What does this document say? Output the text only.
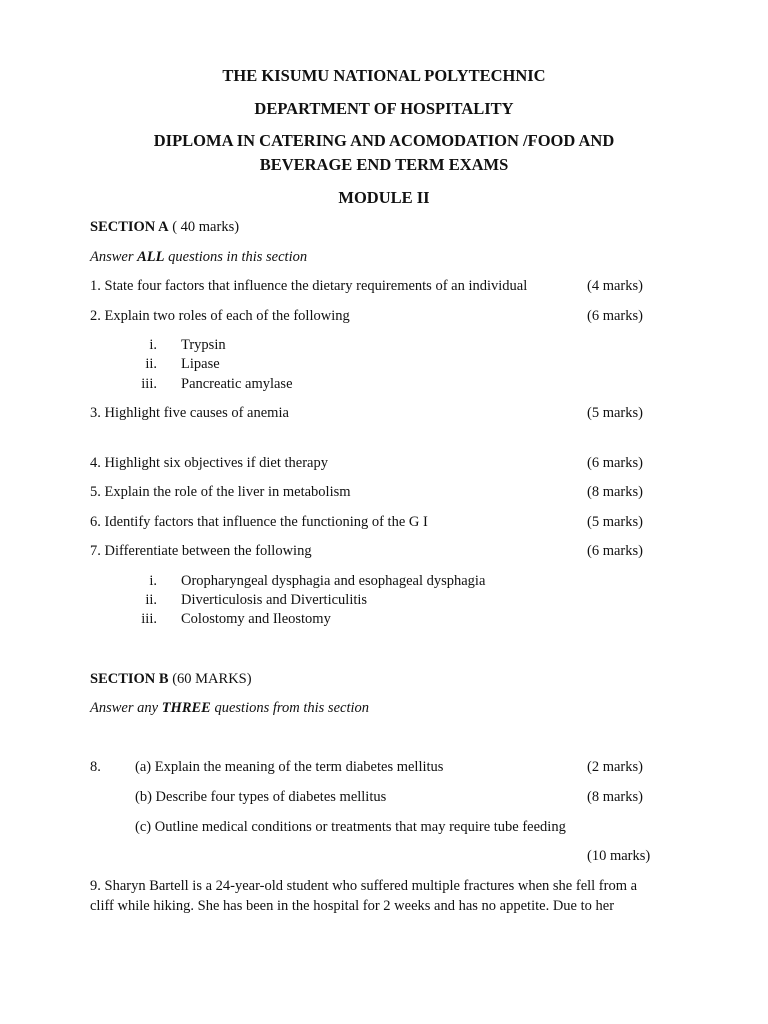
THE KISUMU NATIONAL POLYTECHNIC
DEPARTMENT OF HOSPITALITY
DIPLOMA IN CATERING AND ACOMODATION /FOOD AND
BEVERAGE END TERM EXAMS
MODULE II
SECTION A ( 40 marks)
Answer ALL questions in this section
1. State four factors that influence the dietary requirements of an individual	(4 marks)
2. Explain two roles of each of the following	(6 marks)
i. Trypsin
ii. Lipase
iii. Pancreatic amylase
3. Highlight five causes of anemia	(5 marks)
4. Highlight six objectives if diet therapy	(6 marks)
5. Explain the role of the liver in metabolism	(8 marks)
6. Identify factors that influence the functioning of the G I	(5 marks)
7. Differentiate between the following	(6 marks)
i. Oropharyngeal dysphagia and esophageal dysphagia
ii. Diverticulosis and Diverticulitis
iii. Colostomy and Ileostomy
SECTION B (60 MARKS)
Answer any THREE questions from this section
8. (a) Explain the meaning of the term diabetes mellitus	(2 marks)
(b) Describe four types of diabetes mellitus	(8 marks)
(c) Outline medical conditions or treatments that may require tube feeding
(10 marks)
9. Sharyn Bartell is a 24-year-old student who suffered multiple fractures when she fell from a
cliff while hiking. She has been in the hospital for 2 weeks and has no appetite. Due to her
